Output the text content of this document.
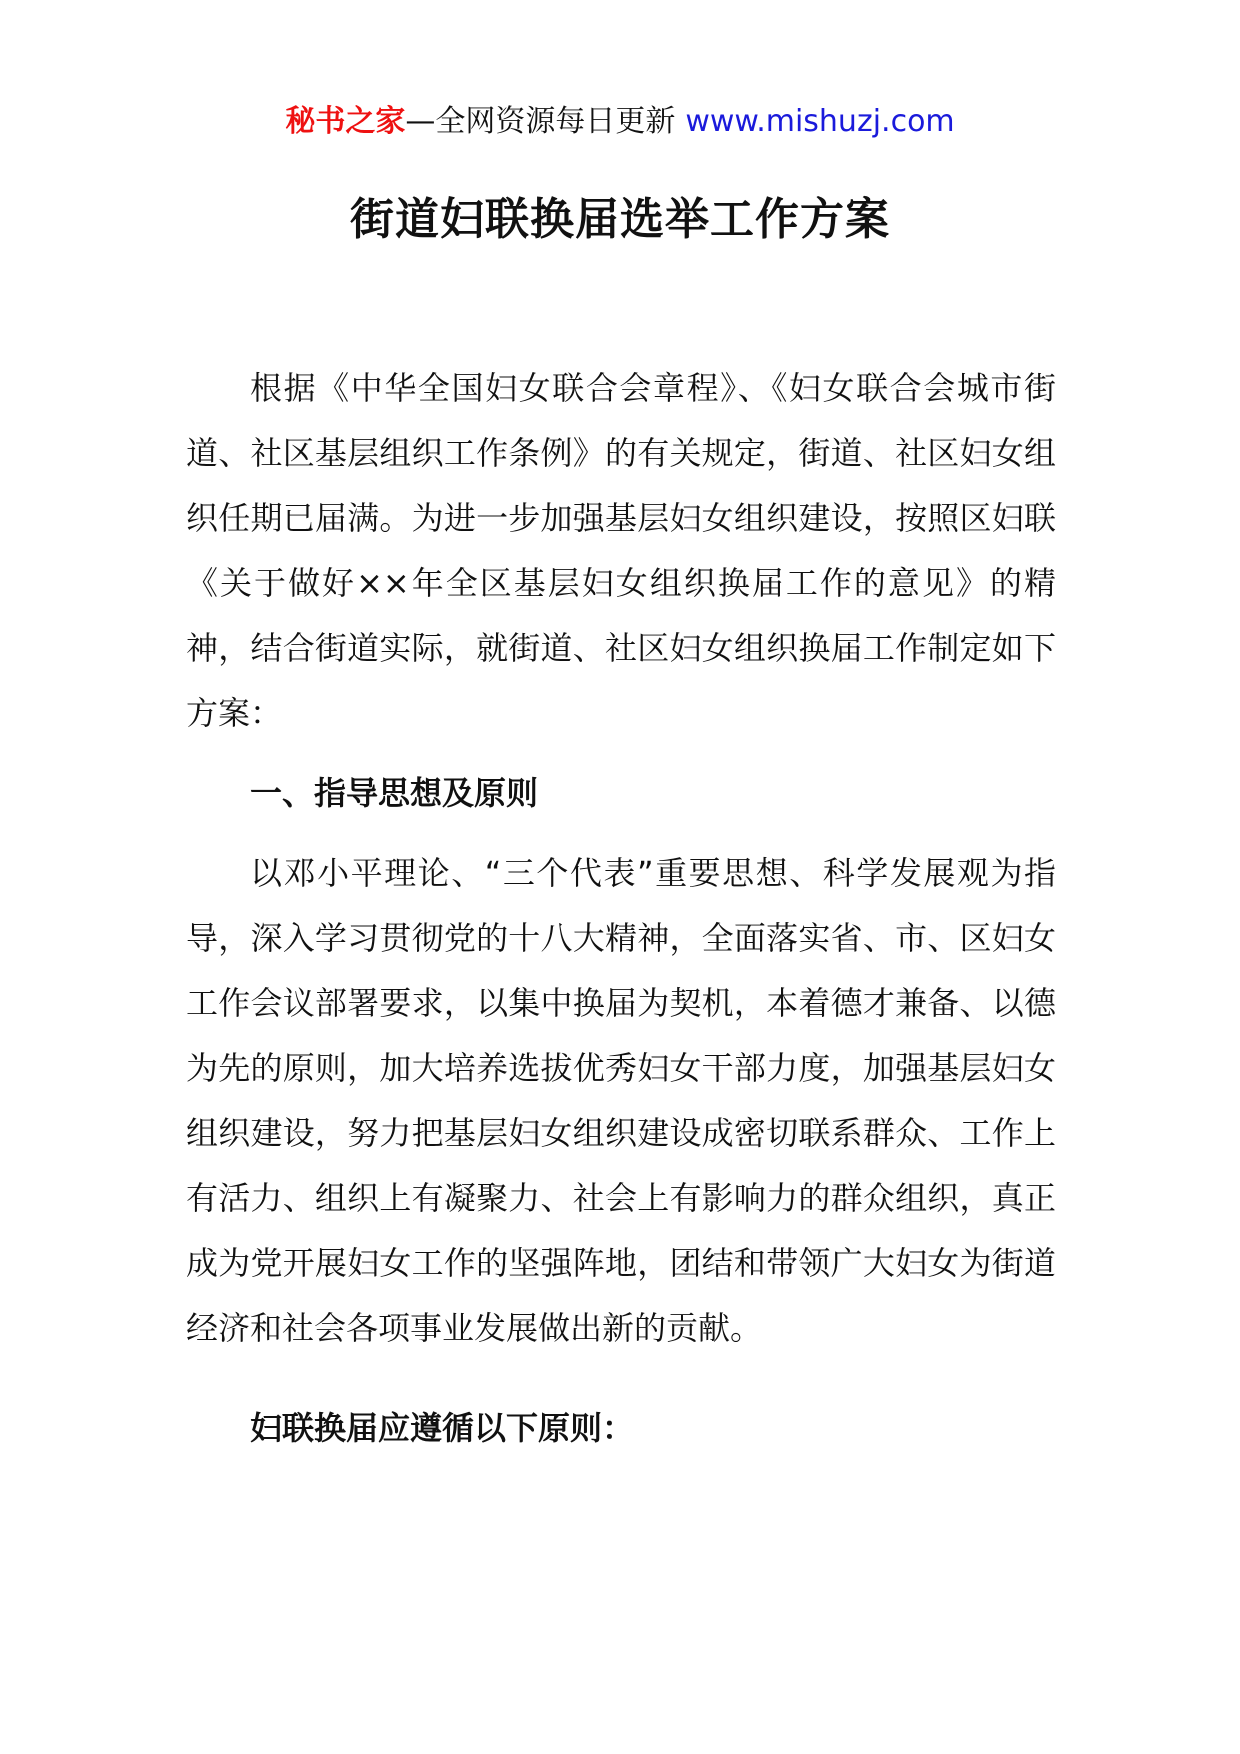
秘书之家—全网资源每日更新 www.mishuzj.com
街道妇联换届选举工作方案

根据《中华全国妇女联合会章程》、《妇女联合会城市街道、社区基层组织工作条例》的有关规定，街道、社区妇女组织任期已届满。为进一步加强基层妇女组织建设，按照区妇联《关于做好××年全区基层妇女组织换届工作的意见》的精神，结合街道实际，就街道、社区妇女组织换届工作制定如下方案：

一、指导思想及原则

以邓小平理论、“三个代表”重要思想、科学发展观为指导，深入学习贯彻党的十八大精神，全面落实省、市、区妇女工作会议部署要求，以集中换届为契机，本着德才兼备、以德为先的原则，加大培养选拔优秀妇女干部力度，加强基层妇女组织建设，努力把基层妇女组织建设成密切联系群众、工作上有活力、组织上有凝聚力、社会上有影响力的群众组织，真正成为党开展妇女工作的坚强阵地，团结和带领广大妇女为街道经济和社会各项事业发展做出新的贡献。

妇联换届应遵循以下原则：
